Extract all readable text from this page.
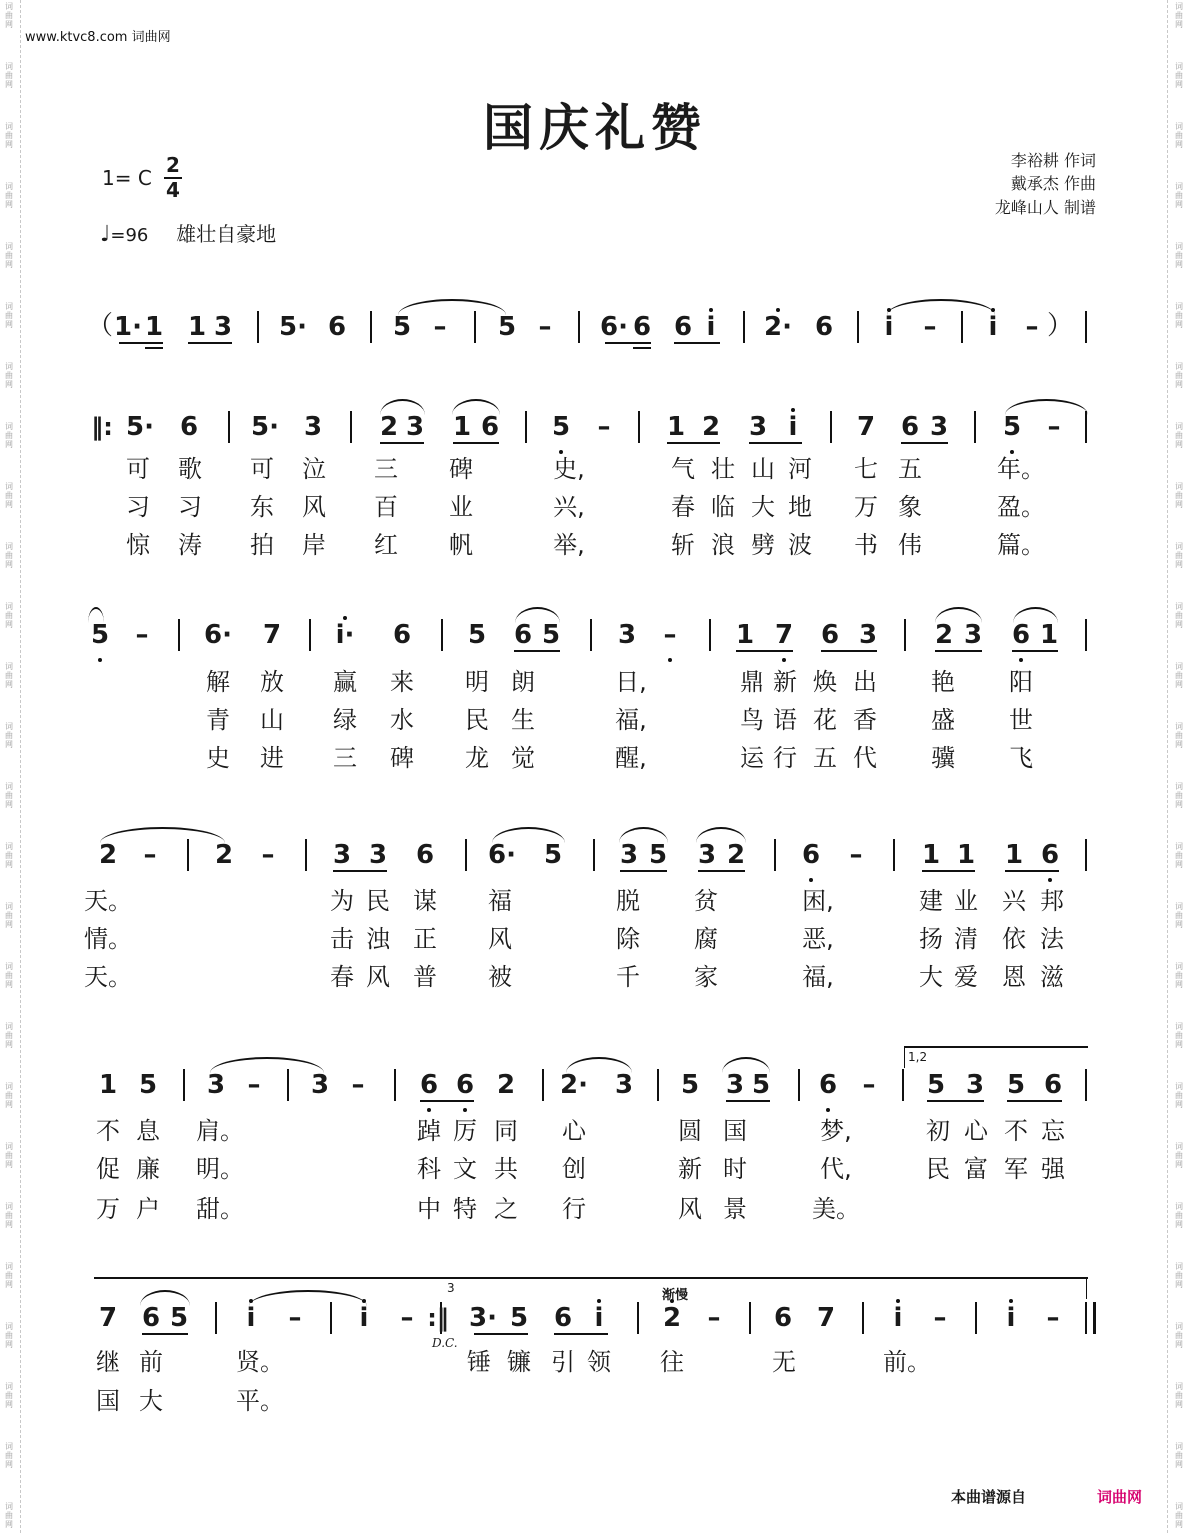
词
曲
网
词
曲
网
词
曲
网
词
曲
网
词
曲
网
词
曲
网
词
曲
网
词
曲
网
词
曲
网
词
曲
网
词
曲
网
词
曲
网
词
曲
网
词
曲
网
词
曲
网
词
曲
网
词
曲
网
词
曲
网
词
曲
网
词
曲
网
词
曲
网
词
曲
网
词
曲
网
词
曲
网
词
曲
网
词
曲
网
词
曲
网
词
曲
网
词
曲
网
词
曲
网
词
曲
网
词
曲
网
词
曲
网
词
曲
网
词
曲
网
词
曲
网
词
曲
网
词
曲
网
词
曲
网
词
曲
网
词
曲
网
词
曲
网
词
曲
网
词
曲
网
词
曲
网
词
曲
网
词
曲
网
词
曲
网
词
曲
网
词
曲
网
词
曲
网
词
曲
网
www.ktvc8.com 词曲网
国庆礼赞
1= C
2
4
♩=96 雄壮自豪地
李裕耕 作词
戴承杰 作曲
龙峰山人 制谱
1· 1 1 3 5· 6 5 – 5 – 6· 6 6 i 2· 6 i – i –
5· 6 5· 3 2 3 1 6 5 – 1 2 3 i 7 6 3 5 –
可 歌 可 泣 三 碑	史,	气 壮 山 河 七 五	年。
习 习 东 风 百 业	兴,	春 临 大 地 万 象	盈。
惊 涛 拍 岸 红 帆	举,	斩 浪 劈 波 书 伟	篇。
5 – 6· 7 i· 6 5 6 5 3 – 1 7 6 3 2 3 6 1
解 放 赢 来 明 朗	日,	鼎 新 焕 出 艳 阳
青 山 绿 水 民 生	福,	鸟 语 花 香 盛 世
史 进 三 碑 龙 觉	醒,	运 行 五 代 骥 飞
2 – 2 – 3 3 6 6· 5 3 5 3 2 6 – 1 1 1 6
天。	为 民 谋 福	脱 贫	困,	建 业 兴 邦
情。	击 浊 正 风	除 腐	恶,	扬 清 依 法
天。	春 风 普 被	千 家	福,	大 爱 恩 滋
1 5 3 – 3 – 6 6 2 2· 3 5 3 5 6 – 5 3 5 6
不 息 肩。	踔 厉 同 心	圆 国	梦,	初 心 不 忘
促 廉 明。	科 文 共 创	新 时	代,	民 富 军 强
万 户 甜。	中 特 之 行	风 景	美。
7 6 5 i – i – 3· 5 6 i 2 – 6 7 i – i –
继 前	贤。	锤 镰 引 领 往	无	前。
国 大	平。
（	）
‖:
:‖
1,2
3
D.C.
渐慢
本曲谱源自	词曲网
